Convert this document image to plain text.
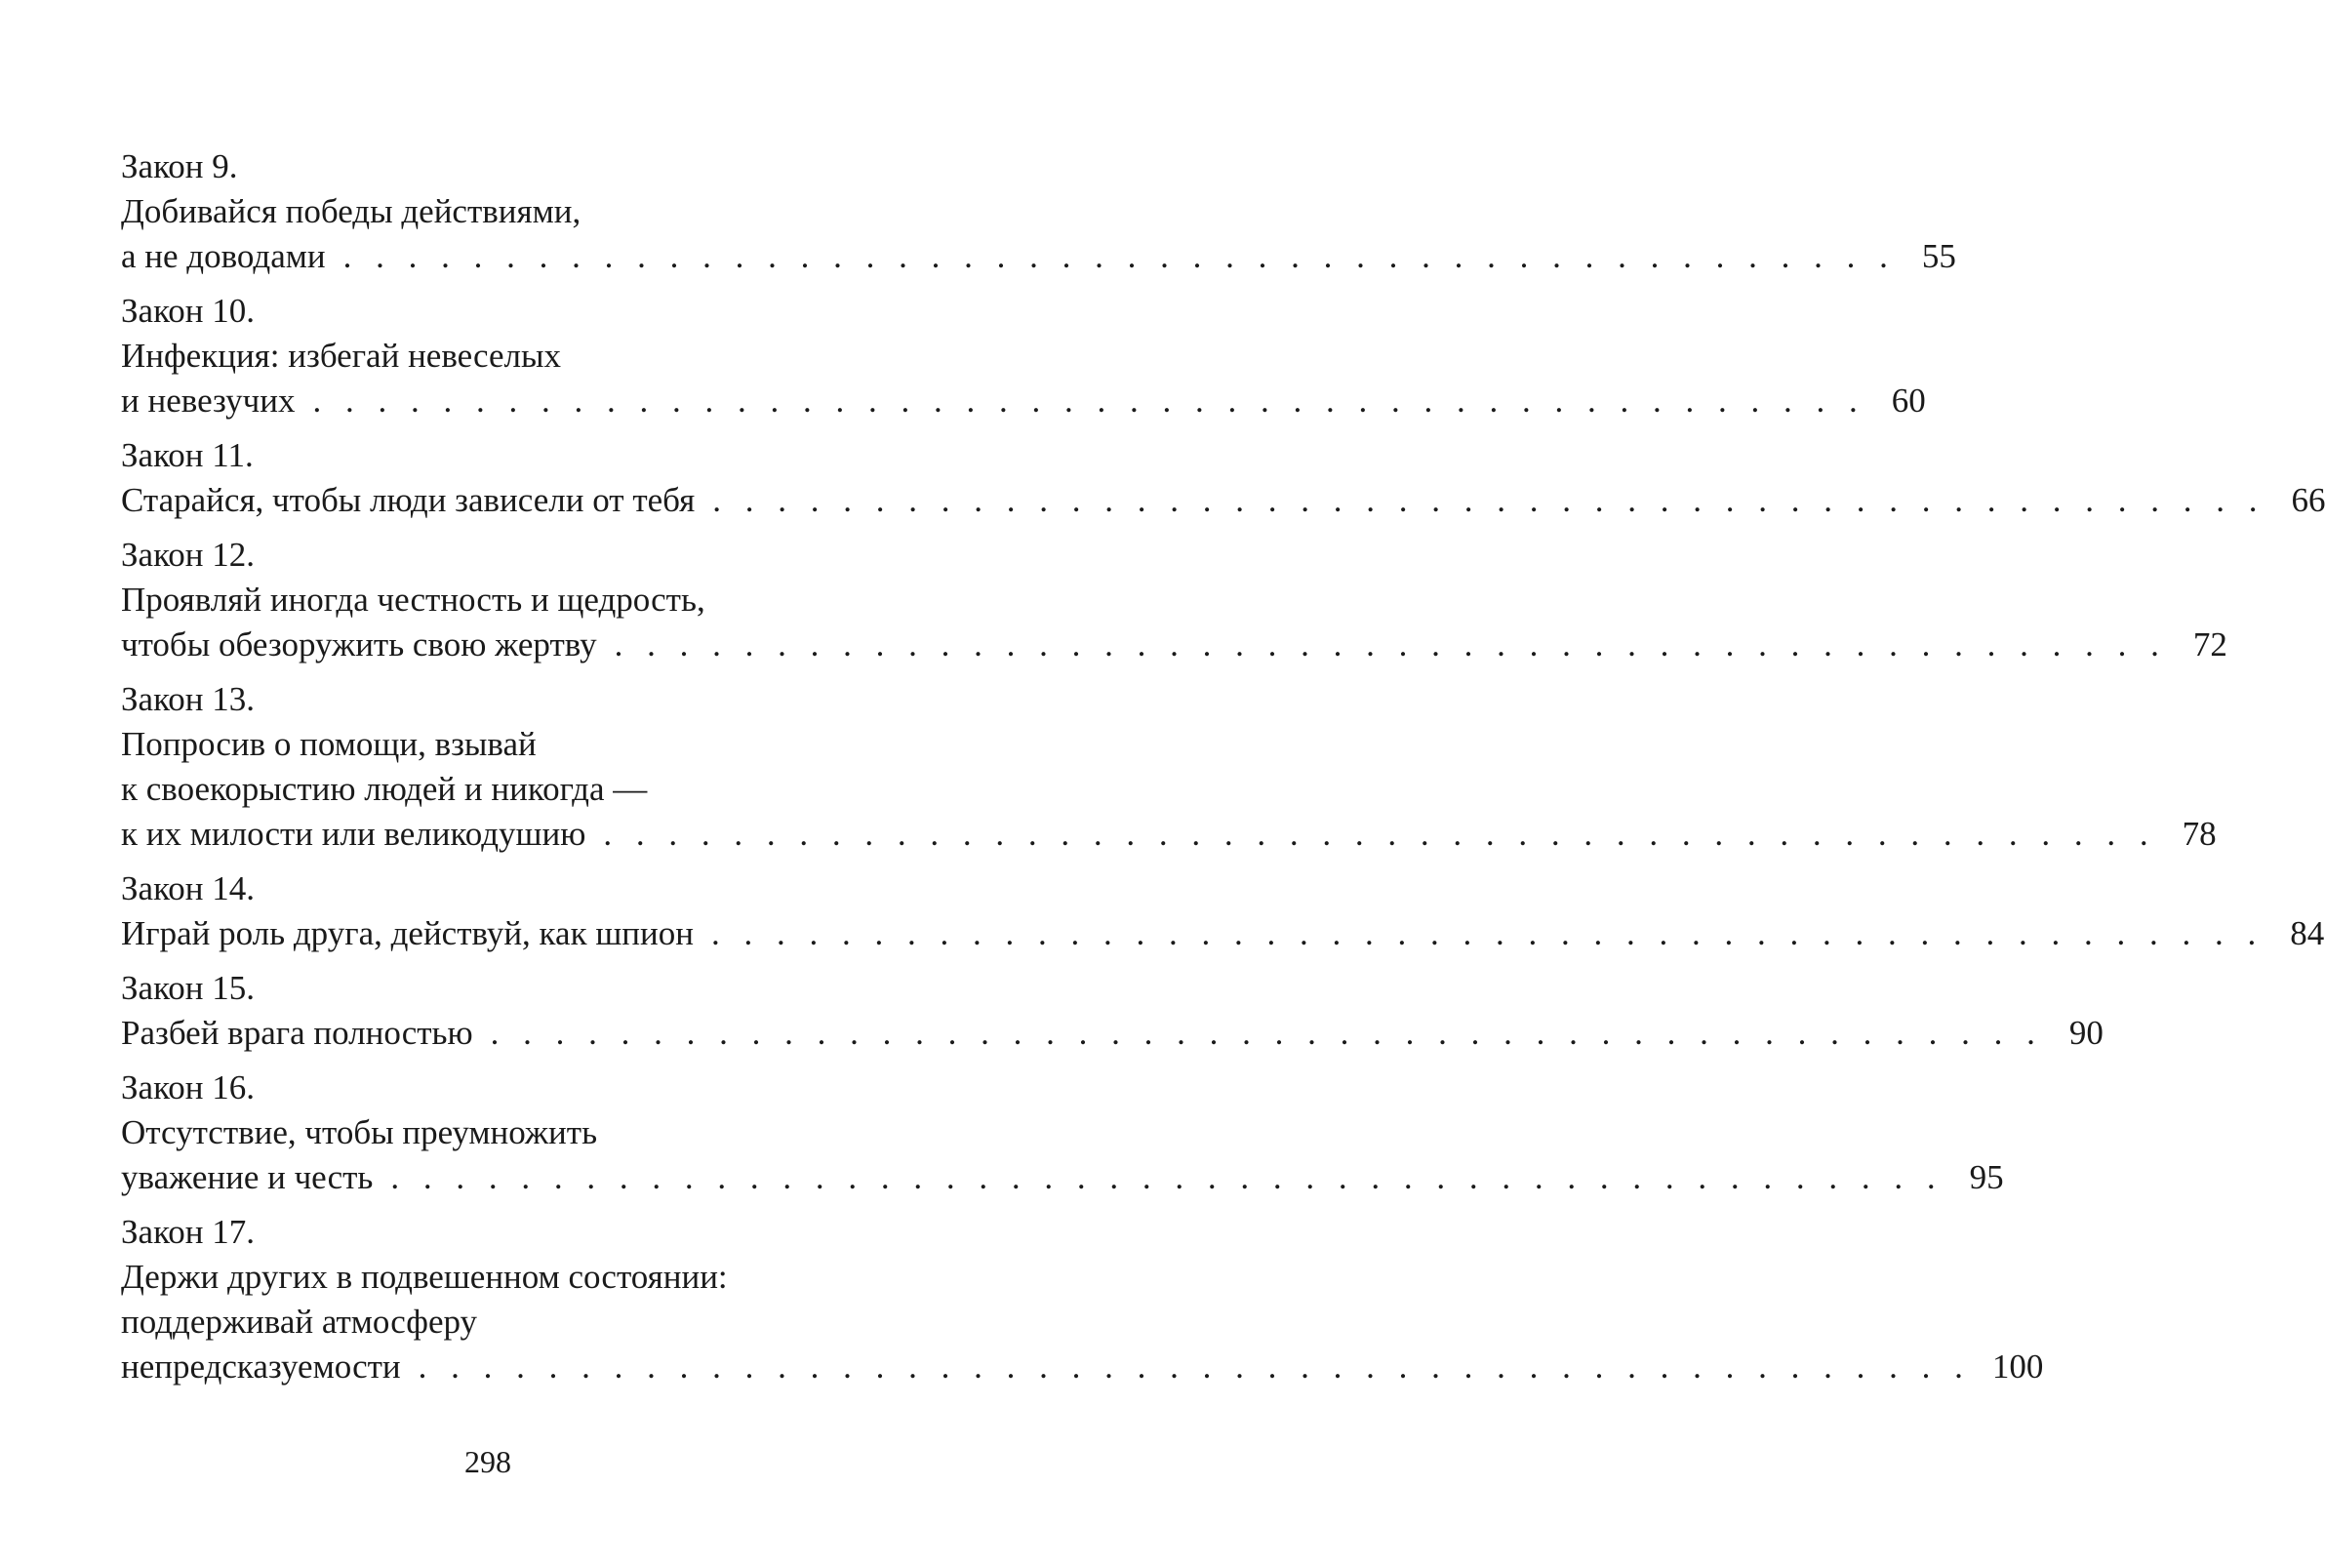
Закон 9.
Добивайся победы действиями,
а не доводами . . . . . . . . . . . . . . . . . . . . . . . . . . . . . . . . . . . . . . . . . . . . . . . . 55
Закон 10.
Инфекция: избегай невеселых
и невезучих . . . . . . . . . . . . . . . . . . . . . . . . . . . . . . . . . . . . . . . . . . . . . . . . 60
Закон 11.
Старайся, чтобы люди зависели от тебя . . . . . . . . . . . . . . . . . . . . . . . . . . . . . . . . . . . . . . . . . . . . . . . . 66
Закон 12.
Проявляй иногда честность и щедрость,
чтобы обезоружить свою жертву . . . . . . . . . . . . . . . . . . . . . . . . . . . . . . . . . . . . . . . . . . . . . . . . 72
Закон 13.
Попросив о помощи, взывай
к своекорыстию людей и никогда —
к их милости или великодушию . . . . . . . . . . . . . . . . . . . . . . . . . . . . . . . . . . . . . . . . . . . . . . . . 78
Закон 14.
Играй роль друга, действуй, как шпион . . . . . . . . . . . . . . . . . . . . . . . . . . . . . . . . . . . . . . . . . . . . . . . . 84
Закон 15.
Разбей врага полностью . . . . . . . . . . . . . . . . . . . . . . . . . . . . . . . . . . . . . . . . . . . . . . . . 90
Закон 16.
Отсутствие, чтобы преумножить
уважение и честь . . . . . . . . . . . . . . . . . . . . . . . . . . . . . . . . . . . . . . . . . . . . . . . . 95
Закон 17.
Держи других в подвешенном состоянии:
поддерживай атмосферу
непредсказуемости . . . . . . . . . . . . . . . . . . . . . . . . . . . . . . . . . . . . . . . . . . . . . . . . 100
298
